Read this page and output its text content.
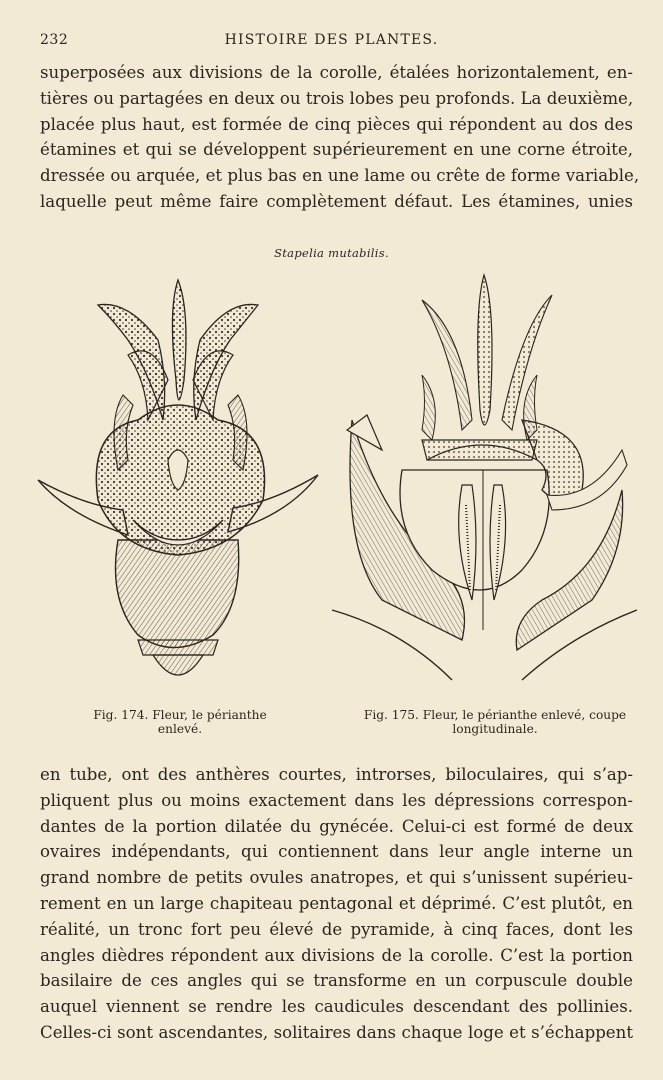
232	HISTOIRE DES PLANTES.
superposées aux divisions de la corolle, étalées horizontalement, en-
tières ou partagées en deux ou trois lobes peu profonds. La deuxième,
placée plus haut, est formée de cinq pièces qui répondent au dos des
étamines et qui se développent supérieurement en une corne étroite,
dressée ou arquée, et plus bas en une lame ou crête de forme variable,
laquelle peut même faire complètement défaut. Les étamines, unies
Stapelia mutabilis.
Fig. 174. Fleur, le périanthe enlevé.
Fig. 175. Fleur, le périanthe enlevé, coupe longitudinale.
en tube, ont des anthères courtes, introrses, biloculaires, qui s’ap-
pliquent plus ou moins exactement dans les dépressions correspon-
dantes de la portion dilatée du gynécée. Celui-ci est formé de deux
ovaires indépendants, qui contiennent dans leur angle interne un
grand nombre de petits ovules anatropes, et qui s’unissent supérieu-
rement en un large chapiteau pentagonal et déprimé. C’est plutôt, en
réalité, un tronc fort peu élevé de pyramide, à cinq faces, dont les
angles dièdres répondent aux divisions de la corolle. C’est la portion
basilaire de ces angles qui se transforme en un corpuscule double
auquel viennent se rendre les caudicules descendant des pollinies.
Celles-ci sont ascendantes, solitaires dans chaque loge et s’échappent
